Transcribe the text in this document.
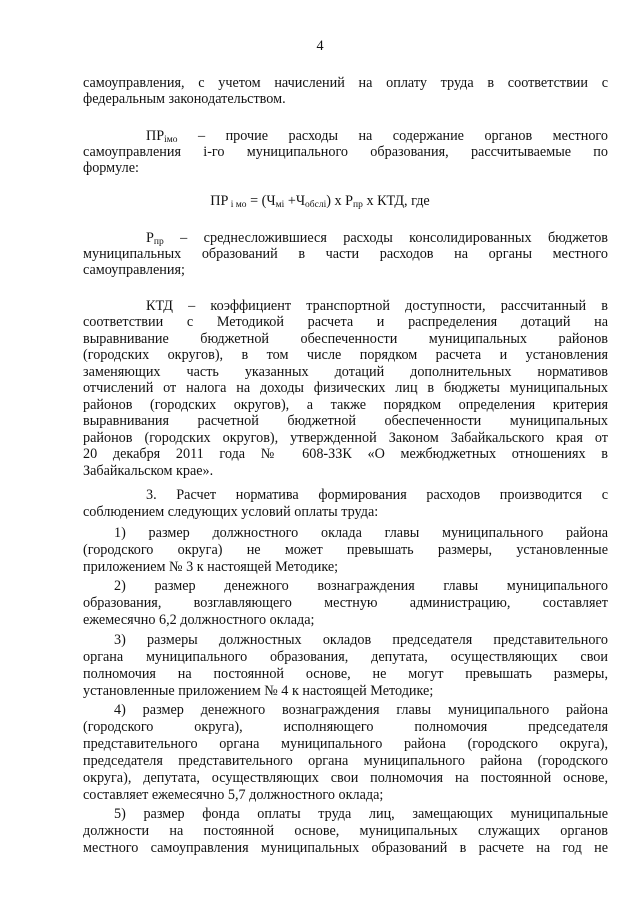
4
самоуправления, с учетом начислений на оплату труда в соответствии с
федеральным законодательством.
$ПР_{iмо}$ – прочие расходы на содержание органов местного
самоуправления i-го муниципального образования, рассчитываемые по
формуле:
ПР $_{i мо} = (Ч_{мi} +Ч_{обслi})$ х $Р_{пр}$ х КТД, где
$Р_{пр}$ – среднесложившиеся расходы консолидированных бюджетов
муниципальных образований в части расходов на органы местного
самоуправления;
КТД – коэффициент транспортной доступности, рассчитанный в
соответствии с Методикой расчета и распределения дотаций на
выравнивание бюджетной обеспеченности муниципальных районов
(городских округов), в том числе порядком расчета и установления
заменяющих часть указанных дотаций дополнительных нормативов
отчислений от налога на доходы физических лиц в бюджеты муниципальных
районов (городских округов), а также порядком определения критерия
выравнивания расчетной бюджетной обеспеченности муниципальных
районов (городских округов), утвержденной Законом Забайкальского края от
20 декабря 2011 года № 608-ЗЗК «О межбюджетных отношениях в
Забайкальском крае».
3. Расчет норматива формирования расходов производится с
соблюдением следующих условий оплаты труда:
1) размер должностного оклада главы муниципального района
(городского округа) не может превышать размеры, установленные
приложением № 3 к настоящей Методике;
2) размер денежного вознаграждения главы муниципального
образования, возглавляющего местную администрацию, составляет
ежемесячно 6,2 должностного оклада;
3) размеры должностных окладов председателя представительного
органа муниципального образования, депутата, осуществляющих свои
полномочия на постоянной основе, не могут превышать размеры,
установленные приложением № 4 к настоящей Методике;
4) размер денежного вознаграждения главы муниципального района
(городского округа), исполняющего полномочия председателя
представительного органа муниципального района (городского округа),
председателя представительного органа муниципального района (городского
округа), депутата, осуществляющих свои полномочия на постоянной основе,
составляет ежемесячно 5,7 должностного оклада;
5) размер фонда оплаты труда лиц, замещающих муниципальные
должности на постоянной основе, муниципальных служащих органов
местного самоуправления муниципальных образований в расчете на год не
